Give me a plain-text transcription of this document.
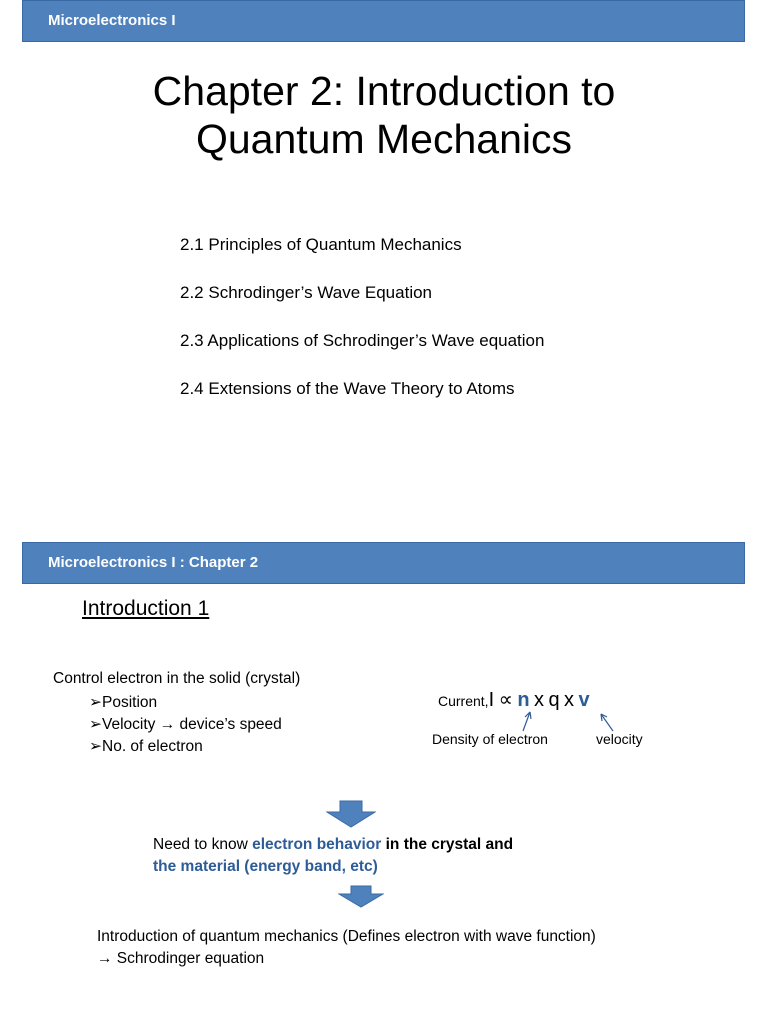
Microelectronics I
Chapter 2: Introduction to
Quantum Mechanics
2.1 Principles of Quantum Mechanics
2.2 Schrodinger’s Wave Equation
2.3 Applications of Schrodinger’s Wave equation
2.4 Extensions of the Wave Theory to Atoms
Microelectronics I : Chapter 2
Introduction 1
Control electron in the solid (crystal)
➢Position
➢Velocity → device’s speed
➢No. of electron
Current,I ∝ n x q x v
Density of electron	velocity
Need to know electron behavior in the crystal and
the material (energy band, etc)
Introduction of quantum mechanics (Defines electron with wave function)
→ Schrodinger equation
